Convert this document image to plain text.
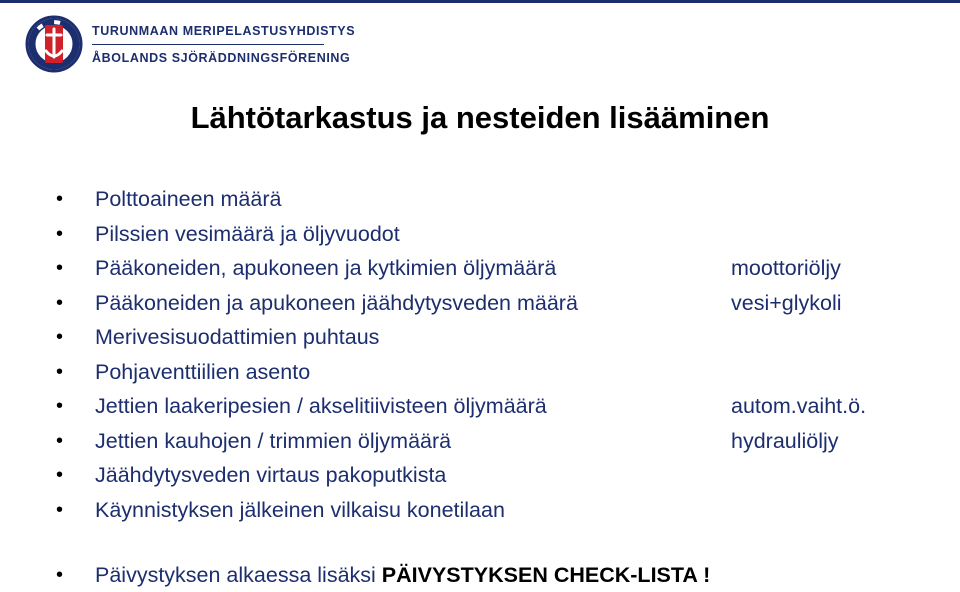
TURUNMAAN MERIPELASTUSYHDISTYS
ÅBOLANDS SJÖRÄDDNINGSFÖRENING
Lähtötarkastus ja nesteiden lisääminen
• Polttoaineen määrä
• Pilssien vesimäärä ja öljyvuodot
• Pääkoneiden, apukoneen ja kytkimien öljymäärä	moottoriöljy
• Pääkoneiden ja apukoneen jäähdytysveden määrä	vesi+glykoli
• Merivesisuodattimien puhtaus
• Pohjaventtiilien asento
• Jettien laakeripesien / akselitiivisteen öljymäärä	autom.vaiht.ö.
• Jettien kauhojen / trimmien öljymäärä	hydrauliöljy
• Jäähdytysveden virtaus pakoputkista
• Käynnistyksen jälkeinen vilkaisu konetilaan
• Päivystyksen alkaessa lisäksi PÄIVYSTYKSEN CHECK-LISTA !
